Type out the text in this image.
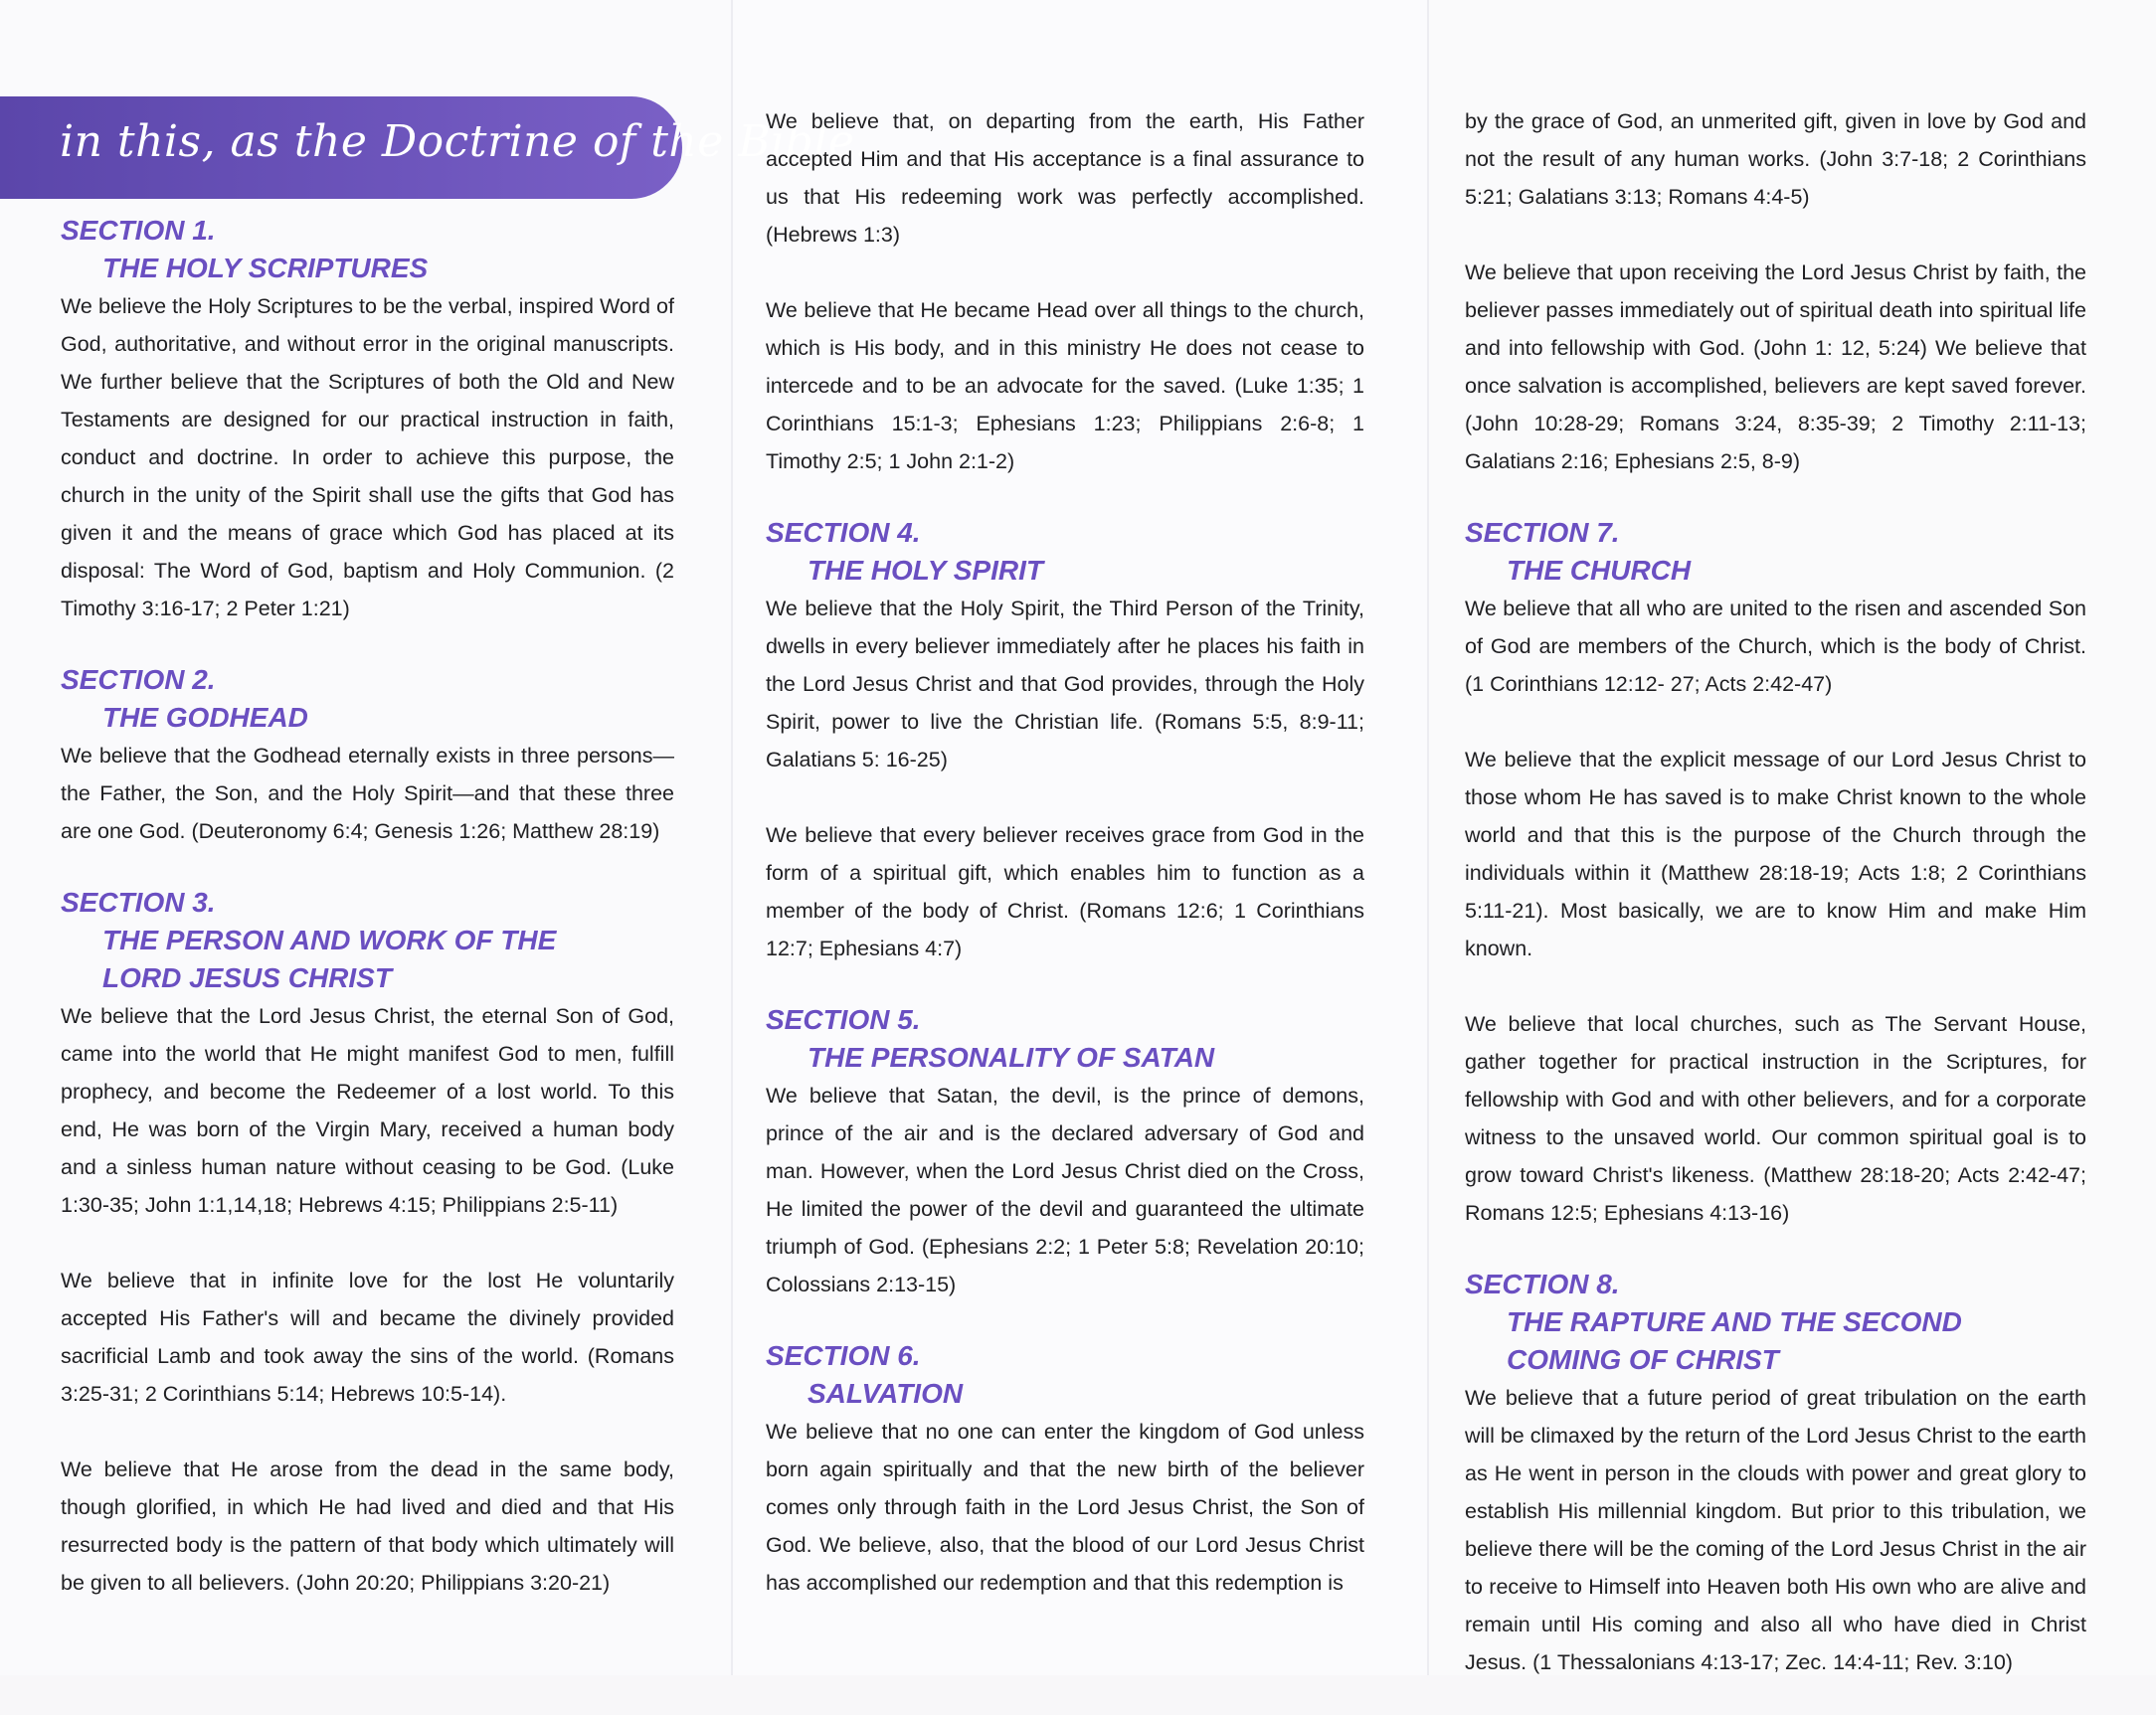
in this, as the Doctrine of the Bible.
SECTION 1.
THE HOLY SCRIPTURES

We believe the Holy Scriptures to be the verbal, inspired Word of God, authoritative, and without error in the original manuscripts. We further believe that the Scriptures of both the Old and New Testaments are designed for our practical instruction in faith, conduct and doctrine. In order to achieve this purpose, the church in the unity of the Spirit shall use the gifts that God has given it and the means of grace which God has placed at its disposal: The Word of God, baptism and Holy Communion. (2 Timothy 3:16-17; 2 Peter 1:21)

SECTION 2.
THE GODHEAD

We believe that the Godhead eternally exists in three persons—the Father, the Son, and the Holy Spirit—and that these three are one God. (Deuteronomy 6:4; Genesis 1:26; Matthew 28:19)

SECTION 3.
THE PERSON AND WORK OF THE
LORD JESUS CHRIST

We believe that the Lord Jesus Christ, the eternal Son of God, came into the world that He might manifest God to men, fulfill prophecy, and become the Redeemer of a lost world. To this end, He was born of the Virgin Mary, received a human body and a sinless human nature without ceasing to be God. (Luke 1:30-35; John 1:1,14,18; Hebrews 4:15; Philippians 2:5-11)

We believe that in infinite love for the lost He voluntarily accepted His Father's will and became the divinely provided sacrificial Lamb and took away the sins of the world. (Romans 3:25-31; 2 Corinthians 5:14; Hebrews 10:5-14).

We believe that He arose from the dead in the same body, though glorified, in which He had lived and died and that His resurrected body is the pattern of that body which ultimately will be given to all believers. (John 20:20; Philippians 3:20-21)

We believe that, on departing from the earth, His Father accepted Him and that His acceptance is a final assurance to us that His redeeming work was perfectly accomplished. (Hebrews 1:3)

We believe that He became Head over all things to the church, which is His body, and in this ministry He does not cease to intercede and to be an advocate for the saved. (Luke 1:35; 1 Corinthians 15:1-3; Ephesians 1:23; Philippians 2:6-8; 1 Timothy 2:5; 1 John 2:1-2)

SECTION 4.
THE HOLY SPIRIT

We believe that the Holy Spirit, the Third Person of the Trinity, dwells in every believer immediately after he places his faith in the Lord Jesus Christ and that God provides, through the Holy Spirit, power to live the Christian life. (Romans 5:5, 8:9-11; Galatians 5: 16-25)

We believe that every believer receives grace from God in the form of a spiritual gift, which enables him to function as a member of the body of Christ. (Romans 12:6; 1 Corinthians 12:7; Ephesians 4:7)

SECTION 5.
THE PERSONALITY OF SATAN

We believe that Satan, the devil, is the prince of demons, prince of the air and is the declared adversary of God and man. However, when the Lord Jesus Christ died on the Cross, He limited the power of the devil and guaranteed the ultimate triumph of God. (Ephesians 2:2; 1 Peter 5:8; Revelation 20:10; Colossians 2:13-15)

SECTION 6.
SALVATION

We believe that no one can enter the kingdom of God unless born again spiritually and that the new birth of the believer comes only through faith in the Lord Jesus Christ, the Son of God. We believe, also, that the blood of our Lord Jesus Christ has accomplished our redemption and that this redemption is

by the grace of God, an unmerited gift, given in love by God and not the result of any human works. (John 3:7-18; 2 Corinthians 5:21; Galatians 3:13; Romans 4:4-5)

We believe that upon receiving the Lord Jesus Christ by faith, the believer passes immediately out of spiritual death into spiritual life and into fellowship with God. (John 1: 12, 5:24) We believe that once salvation is accomplished, believers are kept saved forever. (John 10:28-29; Romans 3:24, 8:35-39; 2 Timothy 2:11-13; Galatians 2:16; Ephesians 2:5, 8-9)

SECTION 7.
THE CHURCH

We believe that all who are united to the risen and ascended Son of God are members of the Church, which is the body of Christ. (1 Corinthians 12:12- 27; Acts 2:42-47)

We believe that the explicit message of our Lord Jesus Christ to those whom He has saved is to make Christ known to the whole world and that this is the purpose of the Church through the individuals within it (Matthew 28:18-19; Acts 1:8; 2 Corinthians 5:11-21). Most basically, we are to know Him and make Him known.

We believe that local churches, such as The Servant House, gather together for practical instruction in the Scriptures, for fellowship with God and with other believers, and for a corporate witness to the unsaved world. Our common spiritual goal is to grow toward Christ's likeness. (Matthew 28:18-20; Acts 2:42-47; Romans 12:5; Ephesians 4:13-16)

SECTION 8.
THE RAPTURE AND THE SECOND
COMING OF CHRIST

We believe that a future period of great tribulation on the earth will be climaxed by the return of the Lord Jesus Christ to the earth as He went in person in the clouds with power and great glory to establish His millennial kingdom. But prior to this tribulation, we believe there will be the coming of the Lord Jesus Christ in the air to receive to Himself into Heaven both His own who are alive and remain until His coming and also all who have died in Christ Jesus. (1 Thessalonians 4:13-17; Zec. 14:4-11; Rev. 3:10)
